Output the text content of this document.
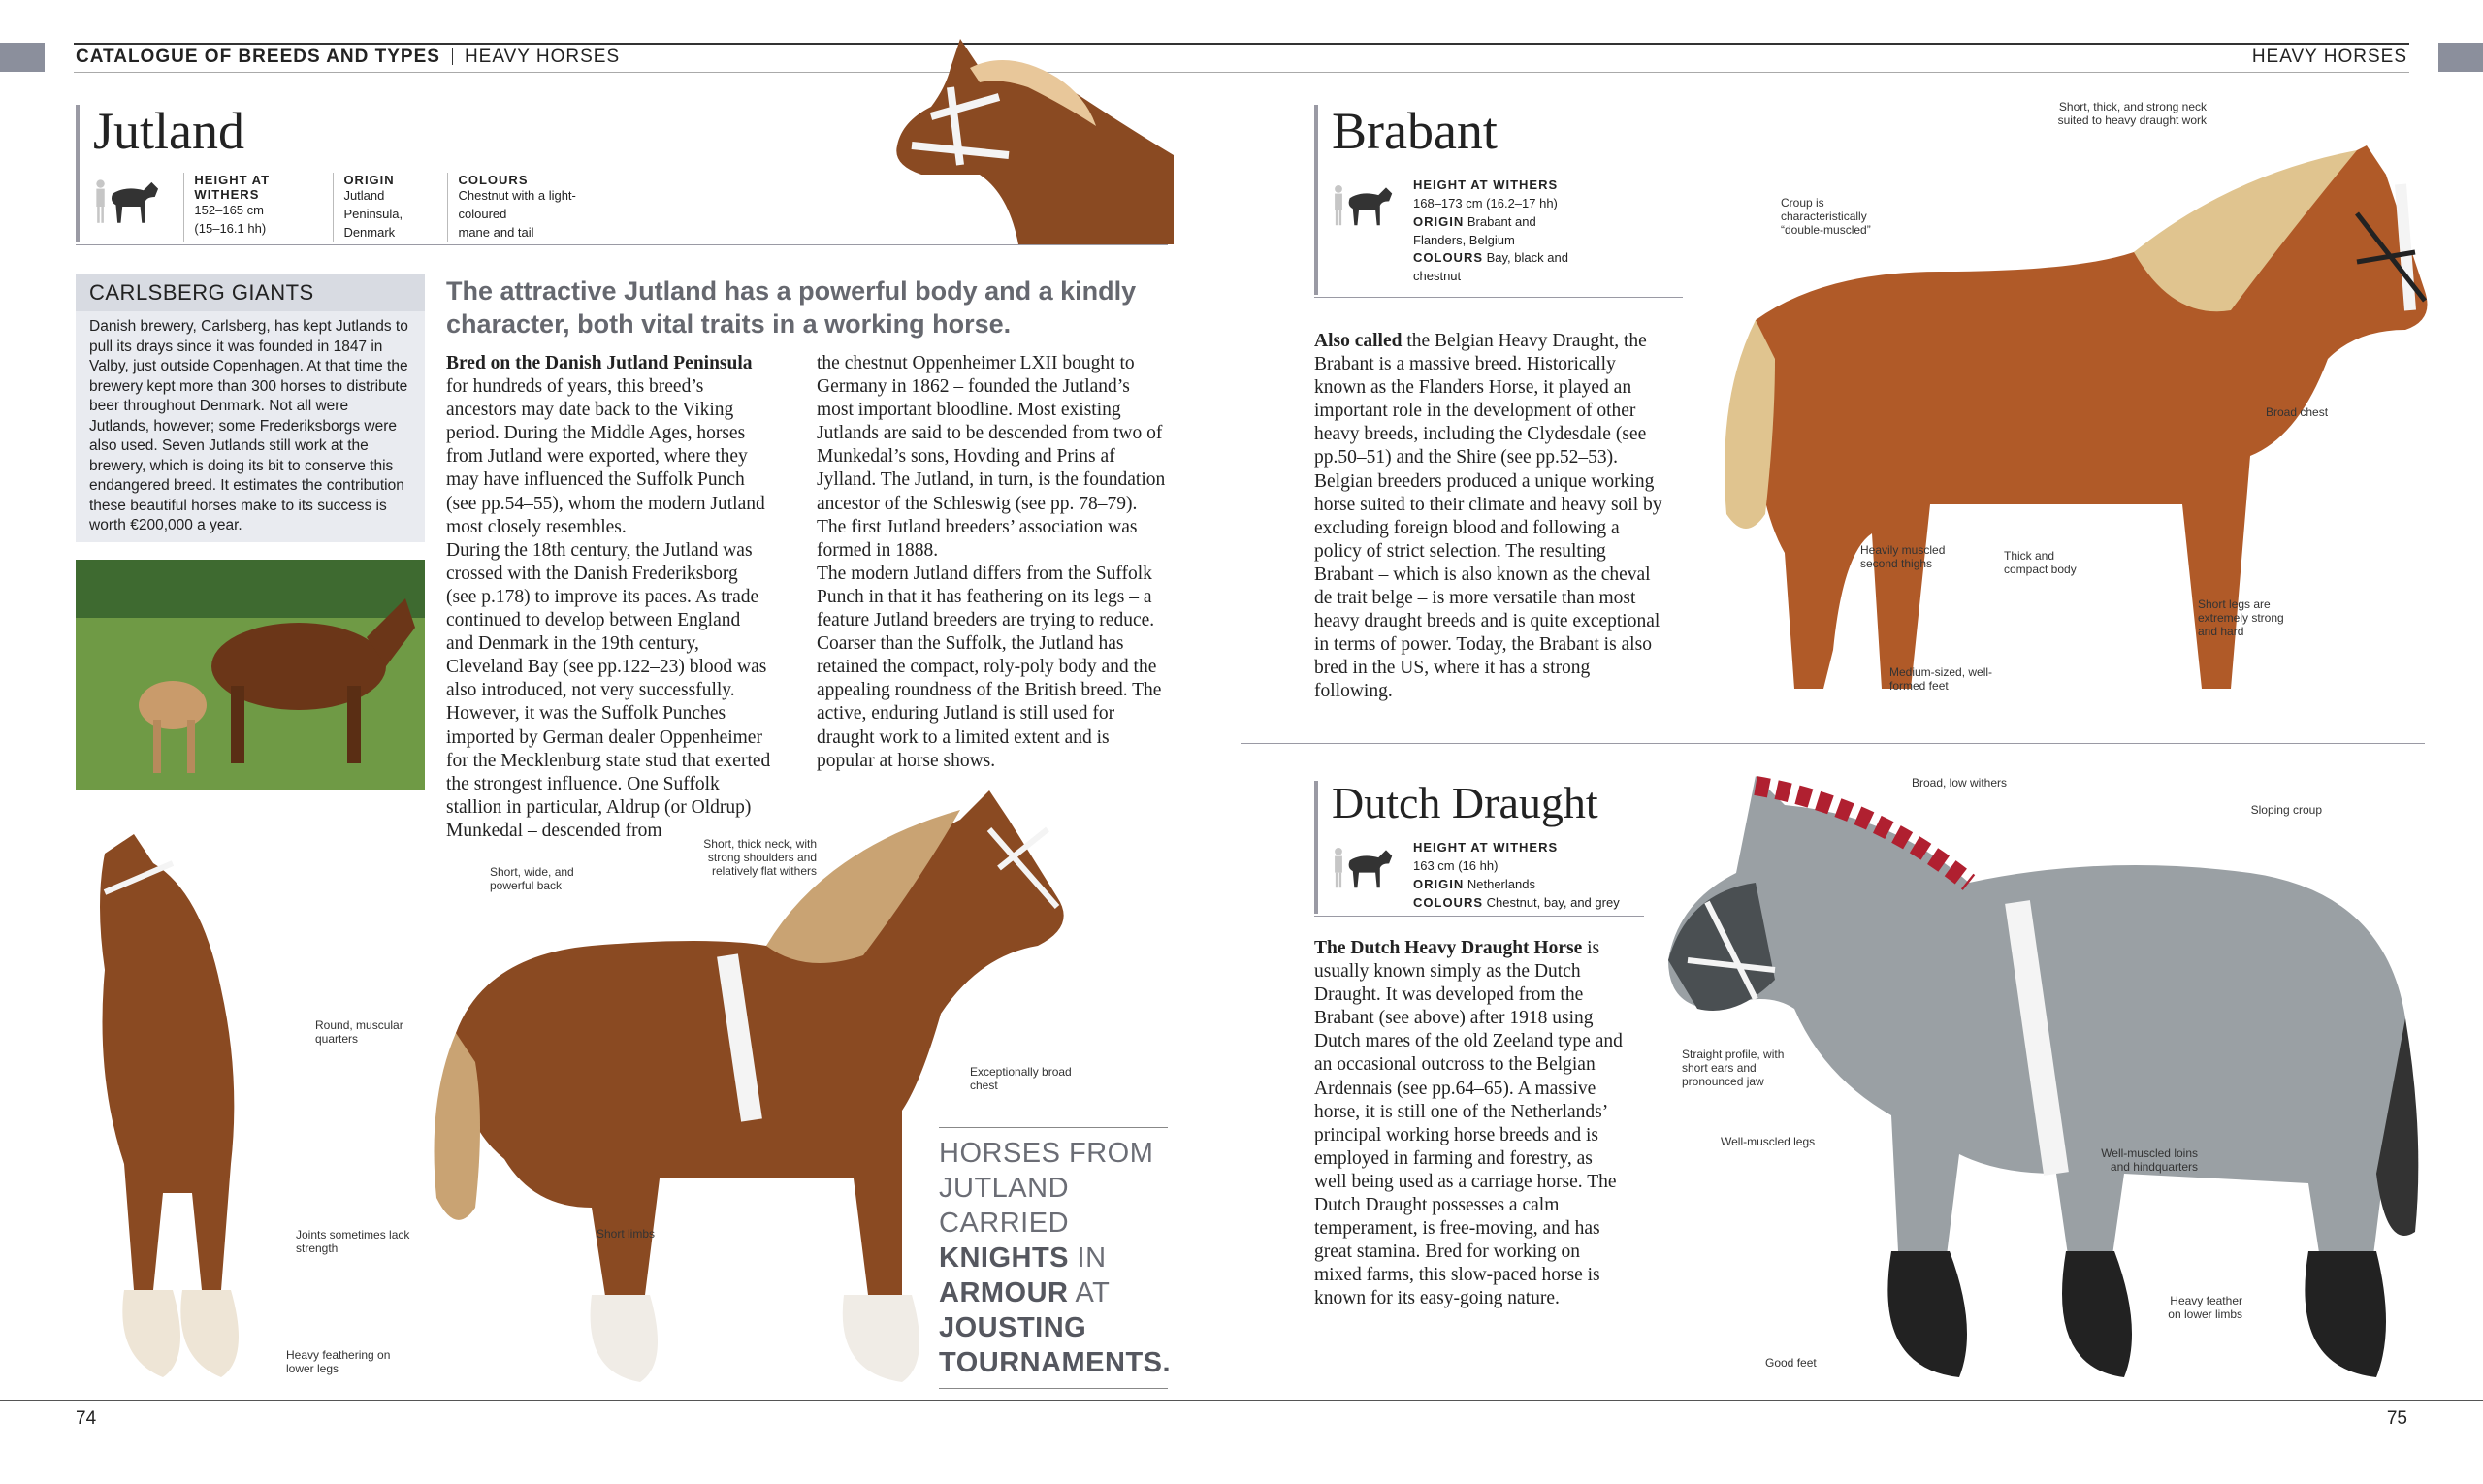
CATALOGUE OF BREEDS AND TYPES HEAVY HORSES	HEAVY HORSES
Jutland
HEIGHT AT WITHERS
152–165 cm
(15–16.1 hh)
ORIGIN
Jutland Peninsula,
Denmark
COLOURS
Chestnut with a light-coloured
mane and tail
CARLSBERG GIANTS
Danish brewery, Carlsberg, has kept Jutlands to pull its drays since it was founded in 1847 in Valby, just outside Copenhagen. At that time the brewery kept more than 300 horses to distribute beer throughout Denmark. Not all were Jutlands, however; some Frederiksborgs were also used. Seven Jutlands still work at the brewery, which is doing its bit to conserve this endangered breed. It estimates the contribution these beautiful horses make to its success is worth €200,000 a year.
The attractive Jutland has a powerful body and a kindly character, both vital traits in a working horse.
Bred on the Danish Jutland Peninsula for hundreds of years, this breed’s ancestors may date back to the Viking period. During the Middle Ages, horses from Jutland were exported, where they may have influenced the Suffolk Punch (see pp.54–55), whom the modern Jutland most closely resembles.
During the 18th century, the Jutland was crossed with the Danish Frederiksborg (see p.178) to improve its paces. As trade continued to develop between England and Denmark in the 19th century, Cleveland Bay (see pp.122–23) blood was also introduced, not very successfully. However, it was the Suffolk Punches imported by German dealer Oppenheimer for the Mecklenburg state stud that exerted the strongest influence. One Suffolk stallion in particular, Aldrup (or Oldrup) Munkedal – descended from
the chestnut Oppenheimer LXII bought to Germany in 1862 – founded the Jutland’s most important bloodline. Most existing Jutlands are said to be descended from two of Munkedal’s sons, Hovding and Prins af Jylland. The Jutland, in turn, is the foundation ancestor of the Schleswig (see pp. 78–79). The first Jutland breeders’ association was formed in 1888.
The modern Jutland differs from the Suffolk Punch in that it has feathering on its legs – a feature Jutland breeders are trying to reduce. Coarser than the Suffolk, the Jutland has retained the compact, roly-poly body and the appealing roundness of the British breed. The active, enduring Jutland is still used for draught work to a limited extent and is popular at horse shows.
Round, muscular quarters
Joints sometimes lack strength
Heavy feathering on lower legs
Short, wide, and powerful back
Short, thick neck, with strong shoulders and relatively flat withers
Exceptionally broad chest
Short limbs
HORSES FROM
JUTLAND CARRIED
KNIGHTS IN
ARMOUR AT
JOUSTING
TOURNAMENTS.
Brabant
HEIGHT AT WITHERS
168–173 cm (16.2–17 hh)
ORIGIN Brabant and Flanders, Belgium
COLOURS Bay, black and chestnut
Also called the Belgian Heavy Draught, the Brabant is a massive breed. Historically known as the Flanders Horse, it played an important role in the development of other heavy breeds, including the Clydesdale (see pp.50–51) and the Shire (see pp.52–53). Belgian breeders produced a unique working horse suited to their climate and heavy soil by excluding foreign blood and following a policy of strict selection. The resulting Brabant – which is also known as the cheval de trait belge – is more versatile than most heavy draught breeds and is quite exceptional in terms of power. Today, the Brabant is also bred in the US, where it has a strong following.
Short, thick, and strong neck suited to heavy draught work
Croup is characteristically “double-muscled”
Broad chest
Heavily muscled second thighs
Thick and compact body
Short legs are extremely strong and hard
Medium-sized, well-formed feet
Dutch Draught
HEIGHT AT WITHERS
163 cm (16 hh)
ORIGIN Netherlands
COLOURS Chestnut, bay, and grey
The Dutch Heavy Draught Horse is usually known simply as the Dutch Draught. It was developed from the Brabant (see above) after 1918 using Dutch mares of the old Zeeland type and an occasional outcross to the Belgian Ardennais (see pp.64–65). A massive horse, it is still one of the Netherlands’ principal working horse breeds and is employed in farming and forestry, as well being used as a carriage horse. The Dutch Draught possesses a calm temperament, is free-moving, and has great stamina. Bred for working on mixed farms, this slow-paced horse is known for its easy-going nature.
Broad, low withers
Sloping croup
Straight profile, with short ears and pronounced jaw
Well-muscled legs
Well-muscled loins and hindquarters
Heavy feather on lower limbs
Good feet
74	75
